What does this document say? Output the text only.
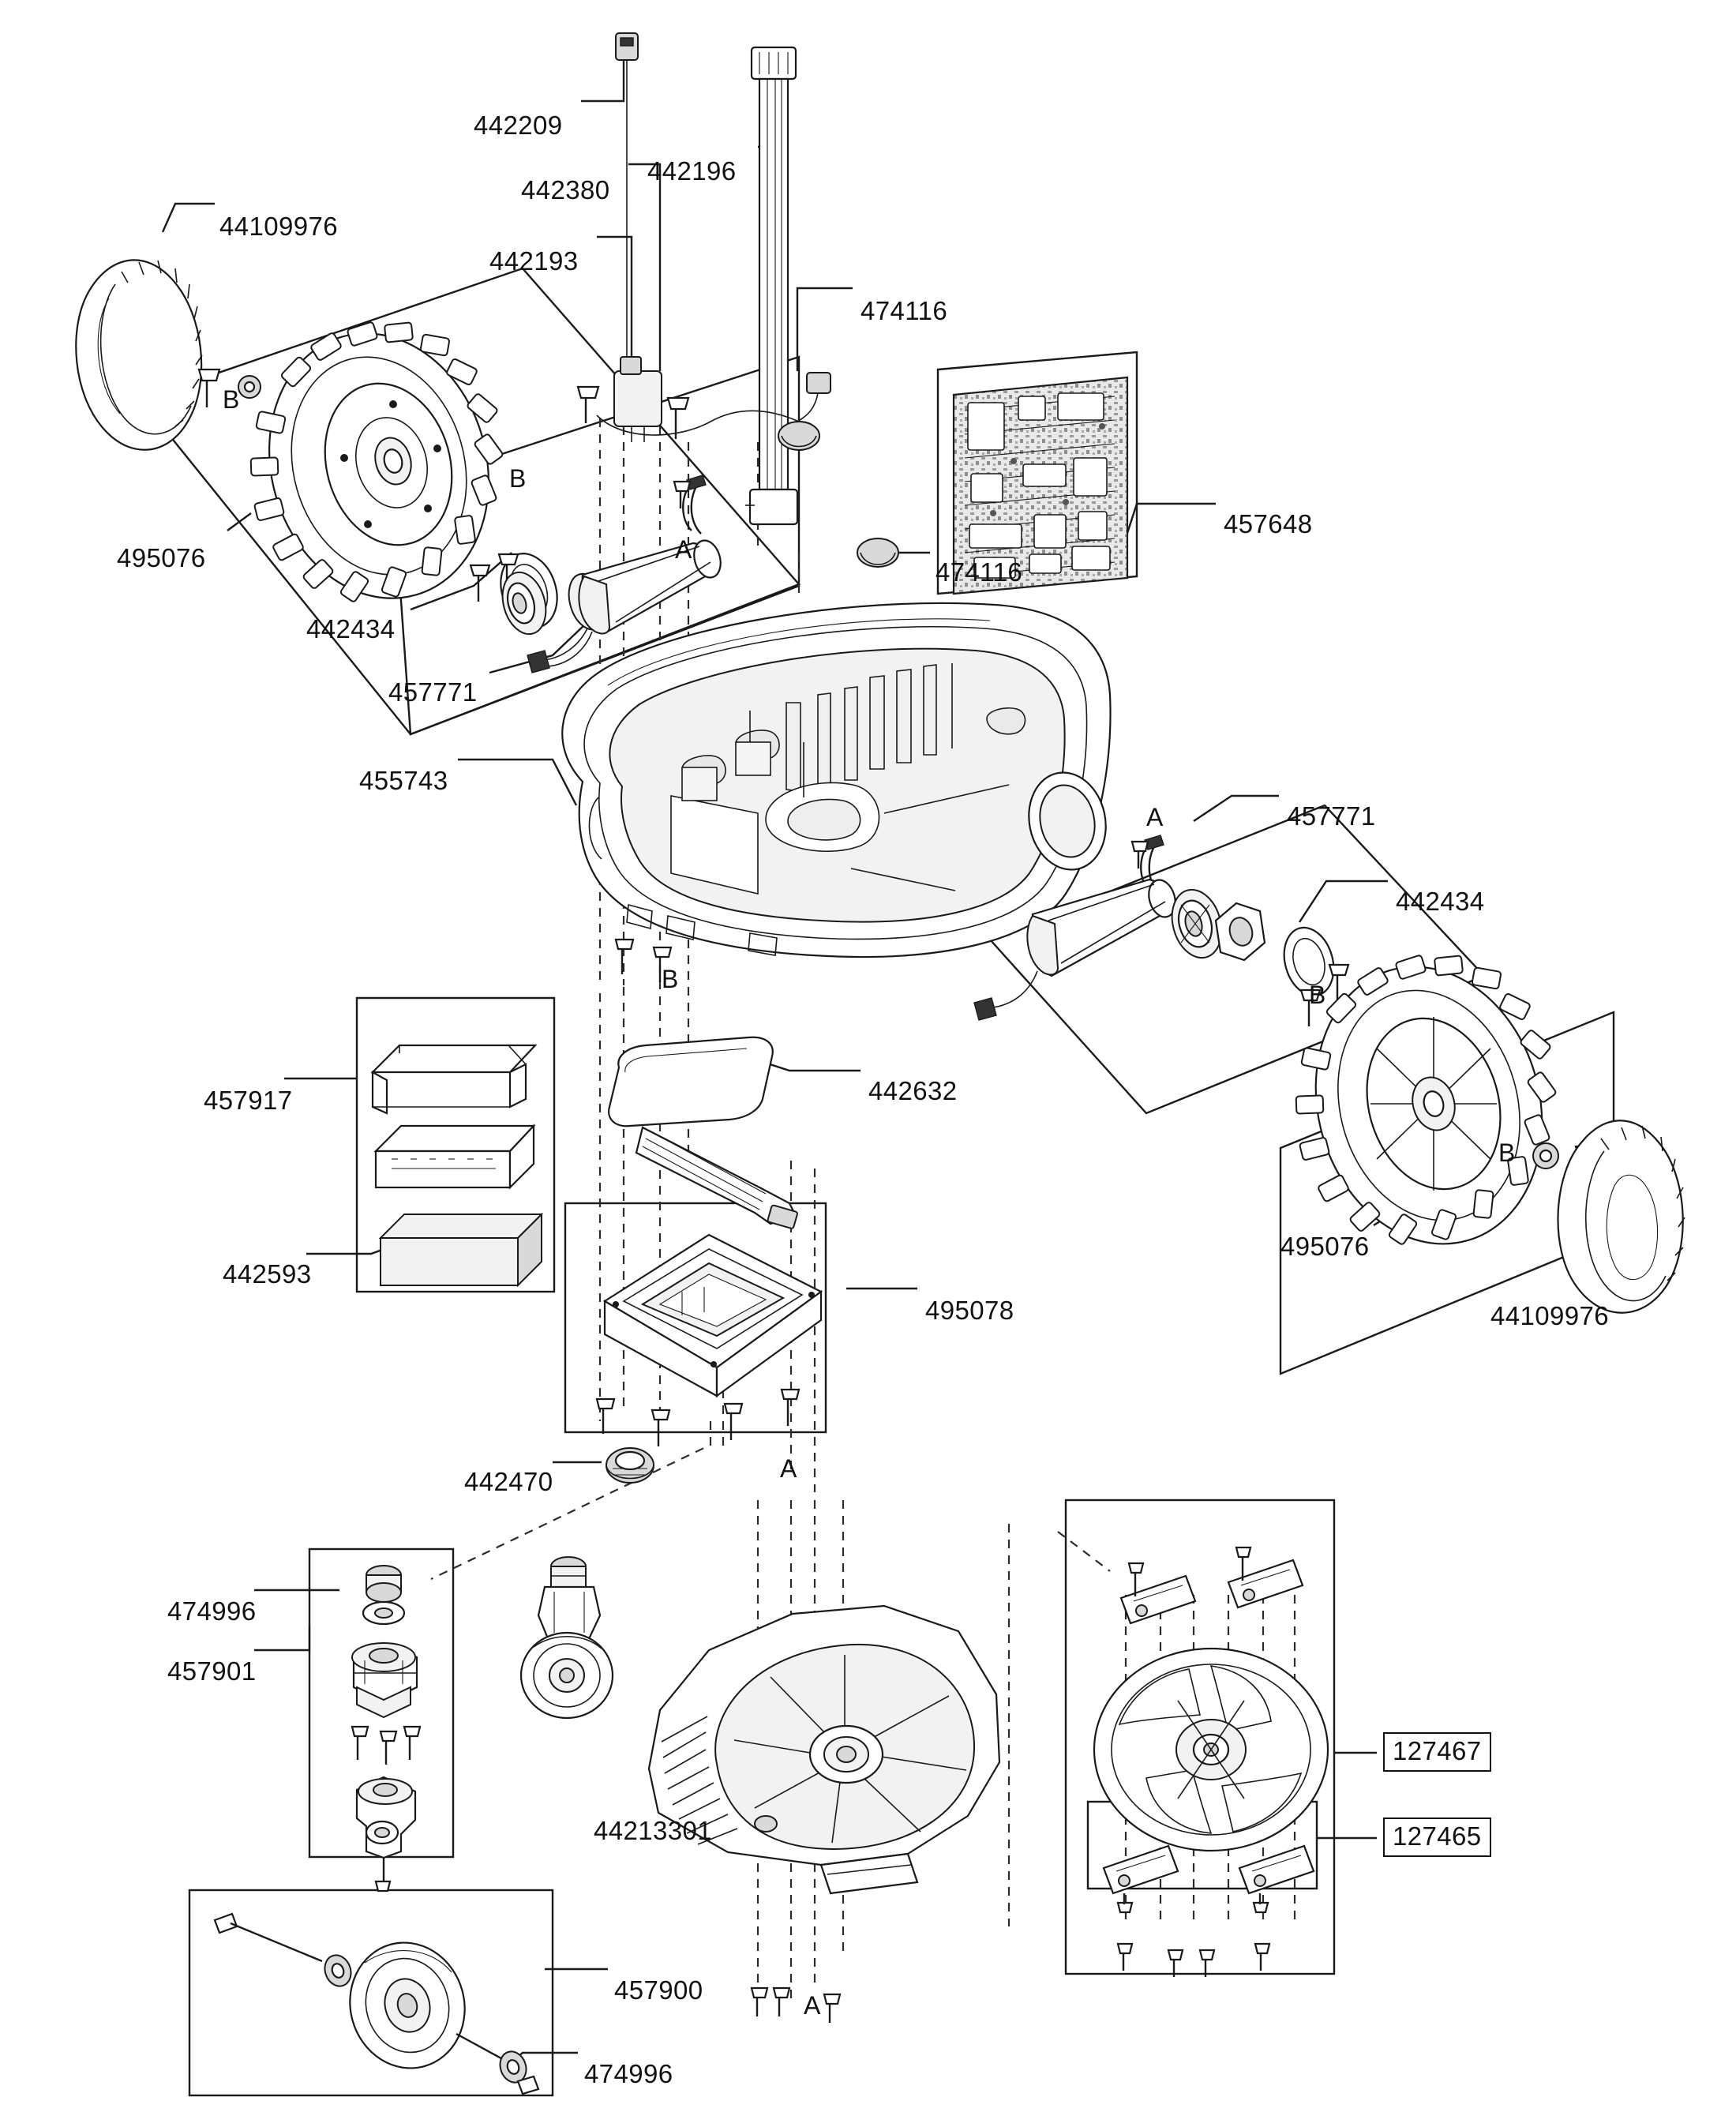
442209
442380
442196
442193
474116
44109976
495076
442434
457771
455743
457648
474116
457771
442434
457917	442632
442593
495078
495076
44109976
442470
474996
457901
44213301
127467
127465
457900
474996
B
B
A
B
A
B
B
A
A
